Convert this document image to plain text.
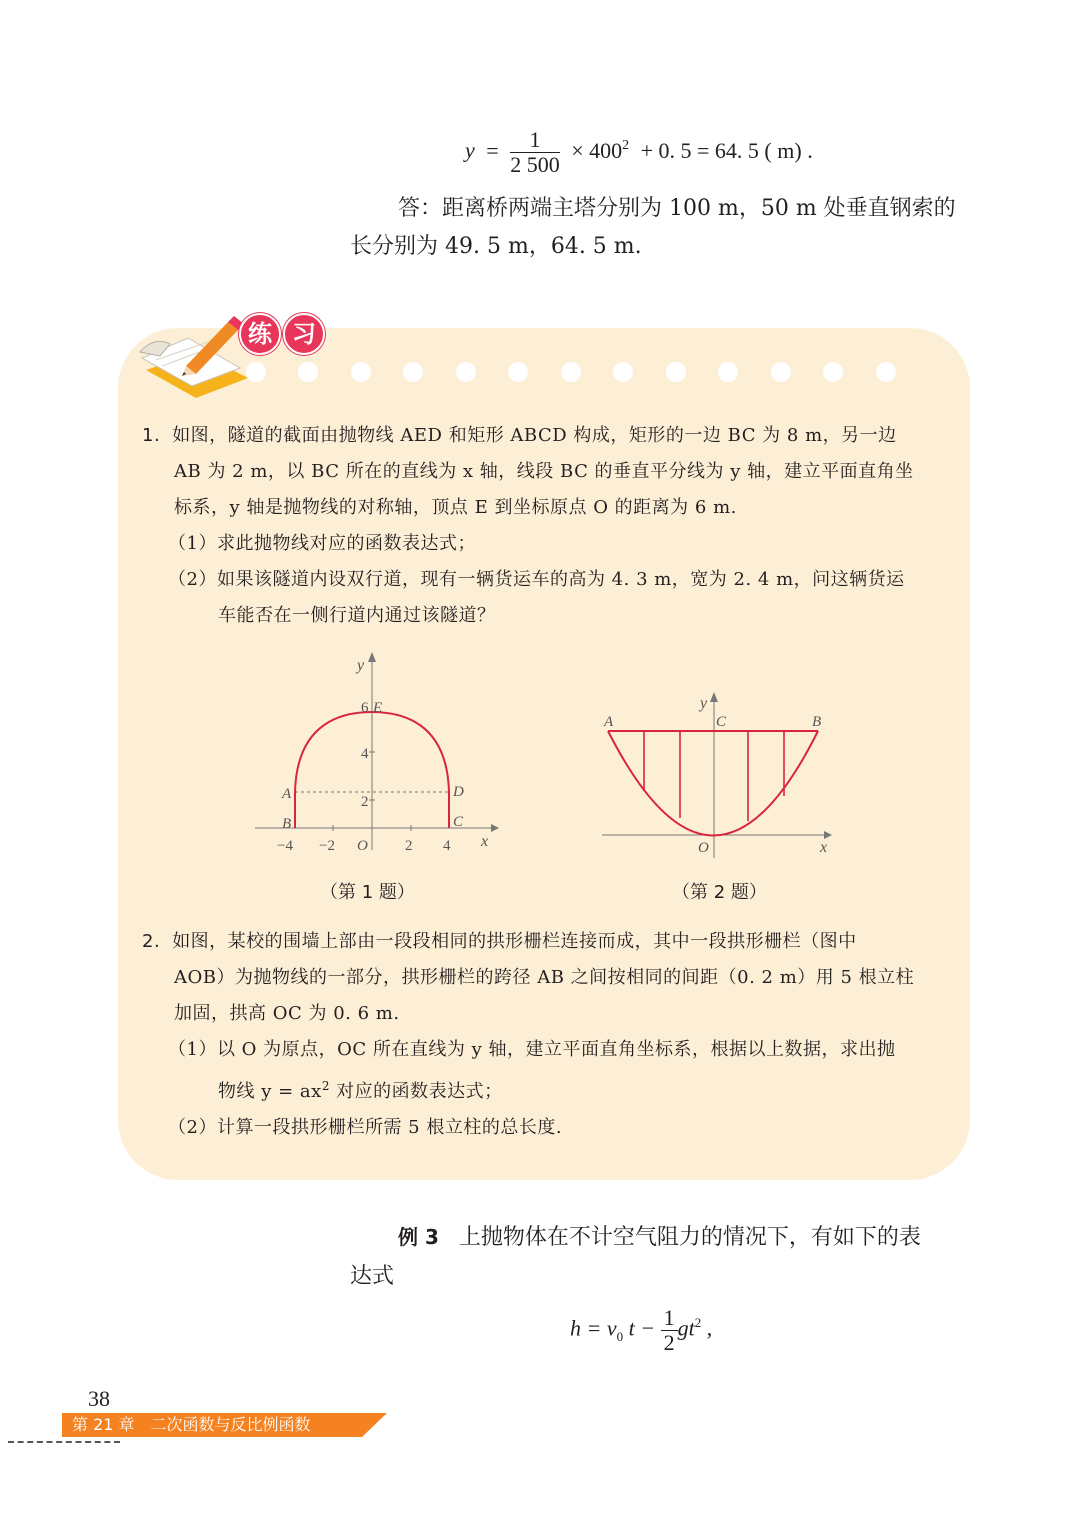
$y = \frac{1}{2 500} \times 400^2 + 0$. 5 = 64. 5 ( m) .
答：距离桥两端主塔分别为 100 m，50 m 处垂直钢索的
长分别为 49. 5 m，64. 5 m.
练 习
1. 如图，隧道的截面由抛物线 AED 和矩形 ABCD 构成，矩形的一边 BC 为 8 m，另一边
AB 为 2 m，以 BC 所在的直线为 x 轴，线段 BC 的垂直平分线为 y 轴，建立平面直角坐
标系，y 轴是抛物线的对称轴，顶点 E 到坐标原点 O 的距离为 6 m.
（1）求此抛物线对应的函数表达式；
（2）如果该隧道内设双行道，现有一辆货运车的高为 4. 3 m，宽为 2. 4 m，问这辆货运
车能否在一侧行道内通过该隧道？
y
x
6 E
4
2
A
B
D
C
−4 −2 O 2 4
（第 1 题）
y
x
A	B
C
O
（第 2 题）
2. 如图，某校的围墙上部由一段段相同的拱形栅栏连接而成，其中一段拱形栅栏（图中
AOB）为抛物线的一部分，拱形栅栏的跨径 AB 之间按相同的间距（0. 2 m）用 5 根立柱
加固，拱高 OC 为 0. 6 m.
（1）以 O 为原点，OC 所在直线为 y 轴，建立平面直角坐标系，根据以上数据，求出抛
物线 $y = ax^2$ 对应的函数表达式；
（2）计算一段拱形栅栏所需 5 根立柱的总长度.
例 3 上抛物体在不计空气阻力的情况下，有如下的表
达式
$h = v_0$ $t - \frac{1}{2} gt^2$ ,
38
第 21 章　二次函数与反比例函数
